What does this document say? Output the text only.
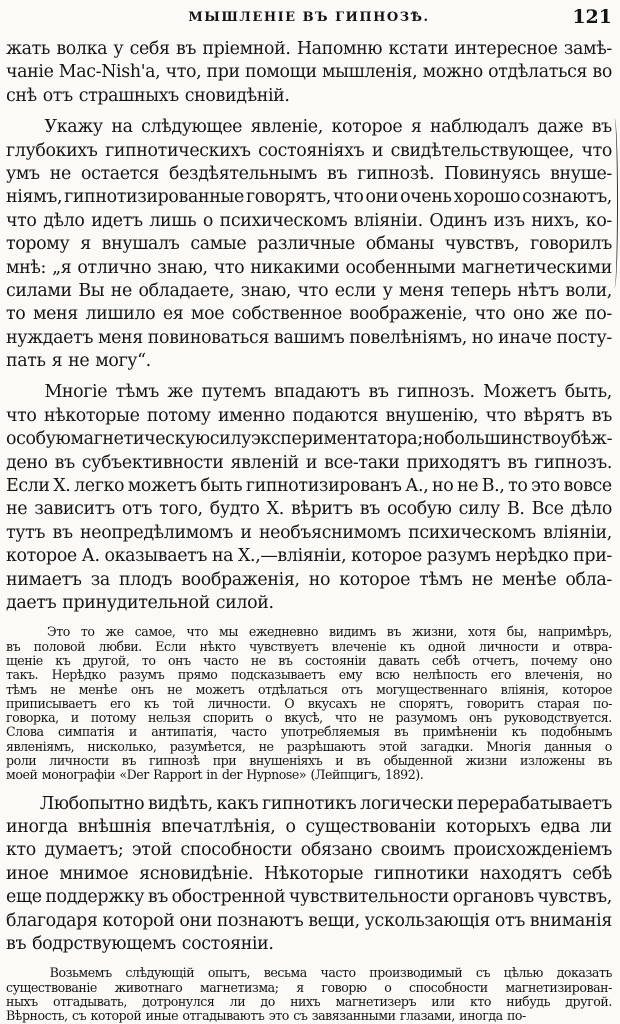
МЫШЛЕНІЕ ВЪ ГИПНОЗѢ.	121
жать волка у себя въ пріемной. Напомню кстати интересное замѣ-
чаніе Mac-Nish'а, что, при помощи мышленія, можно отдѣлаться во
снѣ отъ страшныхъ сновидѣній.
Укажу на слѣдующее явленіе, которое я наблюдалъ даже въ
глубокихъ гипнотическихъ состояніяхъ и свидѣтельствующее, что
умъ не остается бездѣятельнымъ въ гипнозѣ. Повинуясь внуше-
ніямъ, гипнотизированные говорятъ, что они очень хорошо сознаютъ,
что дѣло идетъ лишь о психическомъ вліяніи. Одинъ изъ нихъ, ко-
торому я внушалъ самые различные обманы чувствъ, говорилъ
мнѣ: „я отлично знаю, что никакими особенными магнетическими
силами Вы не обладаете, знаю, что если у меня теперь нѣтъ воли,
то меня лишило ея мое собственное воображеніе, что оно же по-
нуждаетъ меня повиноваться вашимъ повелѣніямъ, но иначе посту-
пать я не могу“.
Многіе тѣмъ же путемъ впадаютъ въ гипнозъ. Можетъ быть,
что нѣкоторые потому именно подаются внушенію, что вѣрятъ въ
особую магнетическую силу экспериментатора; но большинство убѣж-
дено въ субъективности явленій и все-таки приходятъ въ гипнозъ.
Если X. легко можетъ быть гипнотизированъ А., но не В., то это вовсе
не зависитъ отъ того, будто X. вѣритъ въ особую силу В. Все дѣло
тутъ въ неопредѣлимомъ и необъяснимомъ психическомъ вліяніи,
которое А. оказываетъ на X.,—вліяніи, которое разумъ нерѣдко при-
нимаетъ за плодъ воображенія, но которое тѣмъ не менѣе обла-
даетъ принудительной силой.
Это то же самое, что мы ежедневно видимъ въ жизни, хотя бы, напримѣръ,
въ половой любви. Если нѣкто чувствуетъ влеченіе къ одной личности и отвра-
щеніе къ другой, то онъ часто не въ состояніи давать себѣ отчетъ, почему оно
такъ. Нерѣдко разумъ прямо подсказываетъ ему всю нелѣпость его влеченія, но
тѣмъ не менѣе онъ не можетъ отдѣлаться отъ могущественнаго вліянія, которое
приписываетъ его къ той личности. О вкусахъ не спорятъ, говоритъ старая по-
говорка, и потому нельзя спорить о вкусѣ, что не разумомъ онъ руководствуется.
Слова симпатія и антипатія, часто употребляемыя въ примѣненіи къ подобнымъ
явленіямъ, нисколько, разумѣется, не разрѣшаютъ этой загадки. Многія данныя о
роли личности въ гипнозѣ при внушеніяхъ и въ обыденной жизни изложены въ
моей монографіи «Der Rapport in der Hypnose» (Лейпцигъ, 1892).
Любопытно видѣть, какъ гипнотикъ логически перерабатываетъ
иногда внѣшнія впечатлѣнія, о существованіи которыхъ едва ли
кто думаетъ; этой способности обязано своимъ происхожденіемъ
иное мнимое ясновидѣніе. Нѣкоторые гипнотики находятъ себѣ
еще поддержку въ обостренной чувствительности органовъ чувствъ,
благодаря которой они познаютъ вещи, ускользающія отъ вниманія
въ бодрствующемъ состояніи.
Возьмемъ слѣдующій опытъ, весьма часто производимый съ цѣлью доказать
существованіе животнаго магнетизма; я говорю о способности магнетизирован-
ныхъ отгадывать, дотронулся ли до нихъ магнетизеръ или кто нибудь другой.
Вѣрность, съ которой иные отгадываютъ это съ завязанными глазами, иногда по-
